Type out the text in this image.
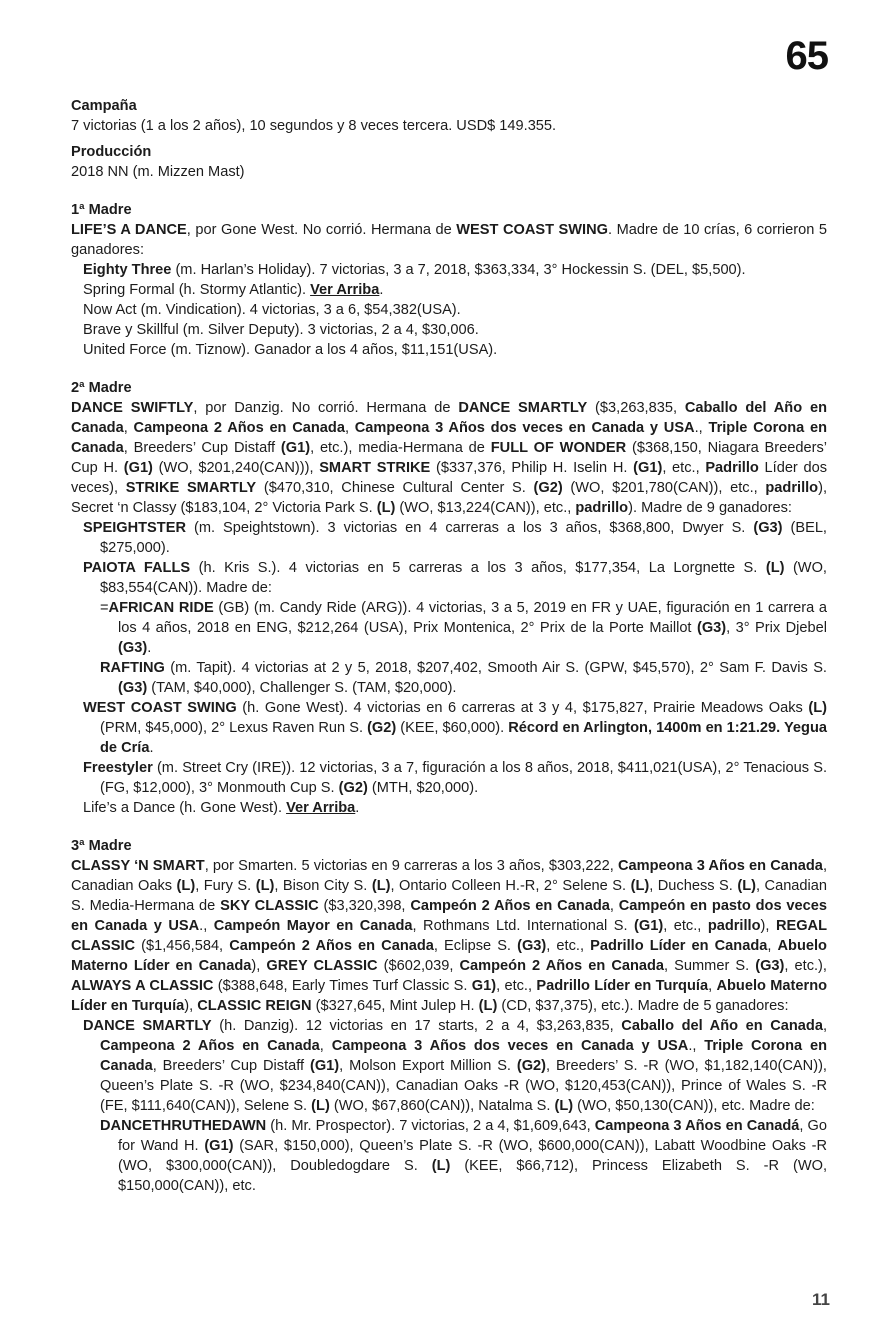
65

Campaña

7 victorias (1 a los 2 años), 10 segundos y 8 veces tercera. USD$ 149.355.

Producción

2018 NN (m. Mizzen Mast)

1ª Madre

LIFE’S A DANCE, por Gone West. No corrió. Hermana de WEST COAST SWING. Madre de 10 crías, 6 corrieron 5 ganadores:

Eighty Three (m. Harlan’s Holiday). 7 victorias, 3 a 7, 2018, $363,334, 3° Hockessin S. (DEL, $5,500).

Spring Formal (h. Stormy Atlantic). Ver Arriba.

Now Act (m. Vindication). 4 victorias, 3 a 6, $54,382(USA).

Brave y Skillful (m. Silver Deputy). 3 victorias, 2 a 4, $30,006.

United Force (m. Tiznow). Ganador a los 4 años, $11,151(USA).

2ª Madre

DANCE SWIFTLY, por Danzig. No corrió. Hermana de DANCE SMARTLY ($3,263,835, Caballo del Año en Canada, Campeona 2 Años en Canada, Campeona 3 Años dos veces en Canada y USA., Triple Corona en Canada, Breeders’ Cup Distaff (G1), etc.), media-Hermana de FULL OF WONDER ($368,150, Niagara Breeders’ Cup H. (G1) (WO, $201,240(CAN))), SMART STRIKE ($337,376, Philip H. Iselin H. (G1), etc., Padrillo Líder dos veces), STRIKE SMARTLY ($470,310, Chinese Cultural Center S. (G2) (WO, $201,780(CAN)), etc., padrillo), Secret ‘n Classy ($183,104, 2° Victoria Park S. (L) (WO, $13,224(CAN)), etc., padrillo). Madre de 9 ganadores:

SPEIGHTSTER (m. Speightstown). 3 victorias en 4 carreras a los 3 años, $368,800, Dwyer S. (G3) (BEL, $275,000).

PAIOTA FALLS (h. Kris S.). 4 victorias en 5 carreras a los 3 años, $177,354, La Lorgnette S. (L) (WO, $83,554(CAN)). Madre de:

=AFRICAN RIDE (GB) (m. Candy Ride (ARG)). 4 victorias, 3 a 5, 2019 en FR y UAE, figuración en 1 carrera a los 4 años, 2018 en ENG, $212,264 (USA), Prix Montenica, 2° Prix de la Porte Maillot (G3), 3° Prix Djebel (G3).

RAFTING (m. Tapit). 4 victorias at 2 y 5, 2018, $207,402, Smooth Air S. (GPW, $45,570), 2° Sam F. Davis S. (G3) (TAM, $40,000), Challenger S. (TAM, $20,000).

WEST COAST SWING (h. Gone West). 4 victorias en 6 carreras at 3 y 4, $175,827, Prairie Meadows Oaks (L) (PRM, $45,000), 2° Lexus Raven Run S. (G2) (KEE, $60,000). Récord en Arlington, 1400m en 1:21.29. Yegua de Cría.

Freestyler (m. Street Cry (IRE)). 12 victorias, 3 a 7, figuración a los 8 años, 2018, $411,021(USA), 2° Tenacious S. (FG, $12,000), 3° Monmouth Cup S. (G2) (MTH, $20,000).

Life’s a Dance (h. Gone West). Ver Arriba.

3ª Madre

CLASSY ‘N SMART, por Smarten. 5 victorias en 9 carreras a los 3 años, $303,222, Campeona 3 Años en Canada, Canadian Oaks (L), Fury S. (L), Bison City S. (L), Ontario Colleen H.-R, 2° Selene S. (L), Duchess S. (L), Canadian S. Media-Hermana de SKY CLASSIC ($3,320,398, Campeón 2 Años en Canada, Campeón en pasto dos veces en Canada y USA., Campeón Mayor en Canada, Rothmans Ltd. International S. (G1), etc., padrillo), REGAL CLASSIC ($1,456,584, Campeón 2 Años en Canada, Eclipse S. (G3), etc., Padrillo Líder en Canada, Abuelo Materno Líder en Canada), GREY CLASSIC ($602,039, Campeón 2 Años en Canada, Summer S. (G3), etc.), ALWAYS A CLASSIC ($388,648, Early Times Turf Classic S. G1), etc., Padrillo Líder en Turquía, Abuelo Materno Líder en Turquía), CLASSIC REIGN ($327,645, Mint Julep H. (L) (CD, $37,375), etc.). Madre de 5 ganadores:

DANCE SMARTLY (h. Danzig). 12 victorias en 17 starts, 2 a 4, $3,263,835, Caballo del Año en Canada, Campeona 2 Años en Canada, Campeona 3 Años dos veces en Canada y USA., Triple Corona en Canada, Breeders’ Cup Distaff (G1), Molson Export Million S. (G2), Breeders’ S. -R (WO, $1,182,140(CAN)), Queen’s Plate S. -R (WO, $234,840(CAN)), Canadian Oaks -R (WO, $120,453(CAN)), Prince of Wales S. -R (FE, $111,640(CAN)), Selene S. (L) (WO, $67,860(CAN)), Natalma S. (L) (WO, $50,130(CAN)), etc. Madre de:

DANCETHRUTHEDAWN (h. Mr. Prospector). 7 victorias, 2 a 4, $1,609,643, Campeona 3 Años en Canadá, Go for Wand H. (G1) (SAR, $150,000), Queen’s Plate S. -R (WO, $600,000(CAN)), Labatt Woodbine Oaks -R (WO, $300,000(CAN)), Doubledogdare S. (L) (KEE, $66,712), Princess Elizabeth S. -R (WO, $150,000(CAN)), etc.

11
